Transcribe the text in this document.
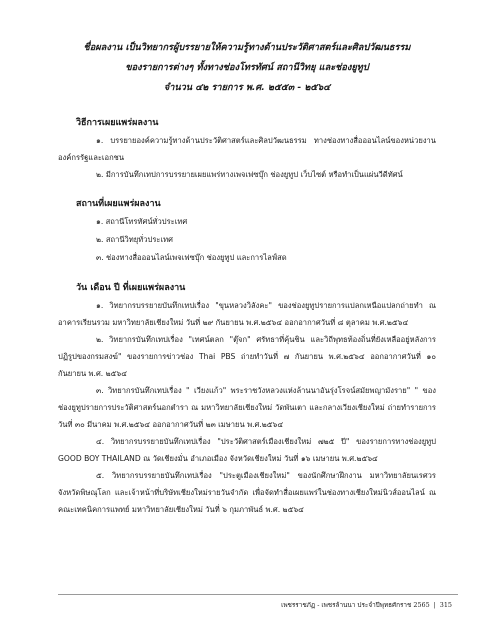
ชื่อผลงาน เป็นวิทยากรผู้บรรยายให้ความรู้ทางด้านประวัติศาสตร์และศิลปวัฒนธรรม
ของรายการต่างๆ ทั้งทางช่องโทรทัศน์ สถานีวิทยุ และช่องยูทูป
จำนวน ๔๒ รายการ พ.ศ. ๒๕๕๓ - ๒๕๖๔
วิธีการเผยแพร่ผลงาน

๑. บรรยายองค์ความรู้ทางด้านประวัติศาสตร์และศิลปวัฒนธรรม ทางช่องทางสื่อออนไลน์ของหน่วยงานองค์กรรัฐและเอกชน

๒. มีการบันทึกเทปการบรรยายเผยแพร่ทางเพจเฟซบุ๊ก ช่องยูทูป เว็บไซต์ หรือทำเป็นแผ่นวีดีทัศน์

สถานที่เผยแพร่ผลงาน

๑. สถานีโทรทัศน์ทั่วประเทศ

๒. สถานีวิทยุทั่วประเทศ

๓. ช่องทางสื่อออนไลน์เพจเฟซบุ๊ก ช่องยูทูป และการไลฟ์สด

วัน เดือน ปี ที่เผยแพร่ผลงาน

๑. วิทยากรบรรยายบันทึกเทปเรื่อง "ขุนหลวงวิลังคะ" ของช่องยูทูปรายการแปลกเหนือแปลกถ่ายทำ ณ อาคารเรียนรวม มหาวิทยาลัยเชียงใหม่ วันที่ ๒๙ กันยายน พ.ศ.๒๕๖๔ ออกอากาศวันที่ ๘ ตุลาคม พ.ศ.๒๕๖๔

๒. วิทยากรบันทึกเทปเรื่อง "เทศน์ตลก "ตุ๊จก" ศรัทธาที่คุ้นชิน และวิถีพุทธท้องถิ่นที่ยังเหลืออยู่หลังการปฏิรูปของกรมสงฆ์" ของรายการข่าวช่อง Thai PBS ถ่ายทำวันที่ ๗ กันยายน พ.ศ.๒๕๖๔ ออกอากาศวันที่ ๑๐ กันยายน พ.ศ. ๒๕๖๔

๓. วิทยากรบันทึกเทปเรื่อง " เวียงแก้ว" พระราชวังหลวงแห่งล้านนาอันรุ่งโรจน์สมัยพญามังราย" " ของช่องยูทูปรายการประวัติศาสตร์นอกตำรา ณ มหาวิทยาลัยเชียงใหม่ วัดพันเตา และกลางเวียงเชียงใหม่ ถ่ายทำรายการวันที่ ๓๐ มีนาคม พ.ศ.๒๕๖๔ ออกอากาศวันที่ ๒๓ เมษายน พ.ศ.๒๕๖๔

๔. วิทยากรบรรยายบันทึกเทปเรื่อง "ประวัติศาสตร์เมืองเชียงใหม่ ๗๒๕ ปี" ของรายการทางช่องยูทูป GOOD BOY THAILAND ณ วัดเชียงมั่น อำเภอเมือง จังหวัดเชียงใหม่ วันที่ ๑๖ เมษายน พ.ศ.๒๕๖๔

๕. วิทยากรบรรยายบันทึกเทปเรื่อง "ประตูเมืองเชียงใหม่" ของนักศึกษาฝึกงาน มหาวิทยาลัยนเรศวร จังหวัดพิษณุโลก และเจ้าหน้าที่บริษัทเชียงใหม่รายวันจำกัด เพื่อจัดทำสื่อเผยแพร่ในช่องทางเชียงใหม่นิวส์ออนไลน์ ณ คณะเทคนิคการแพทย์ มหาวิทยาลัยเชียงใหม่ วันที่ ๖ กุมภาพันธ์ พ.ศ. ๒๕๖๔

เพชรราชภัฏ - เพชรล้านนา ประจำปีพุทธศักราช 2565 | 315
